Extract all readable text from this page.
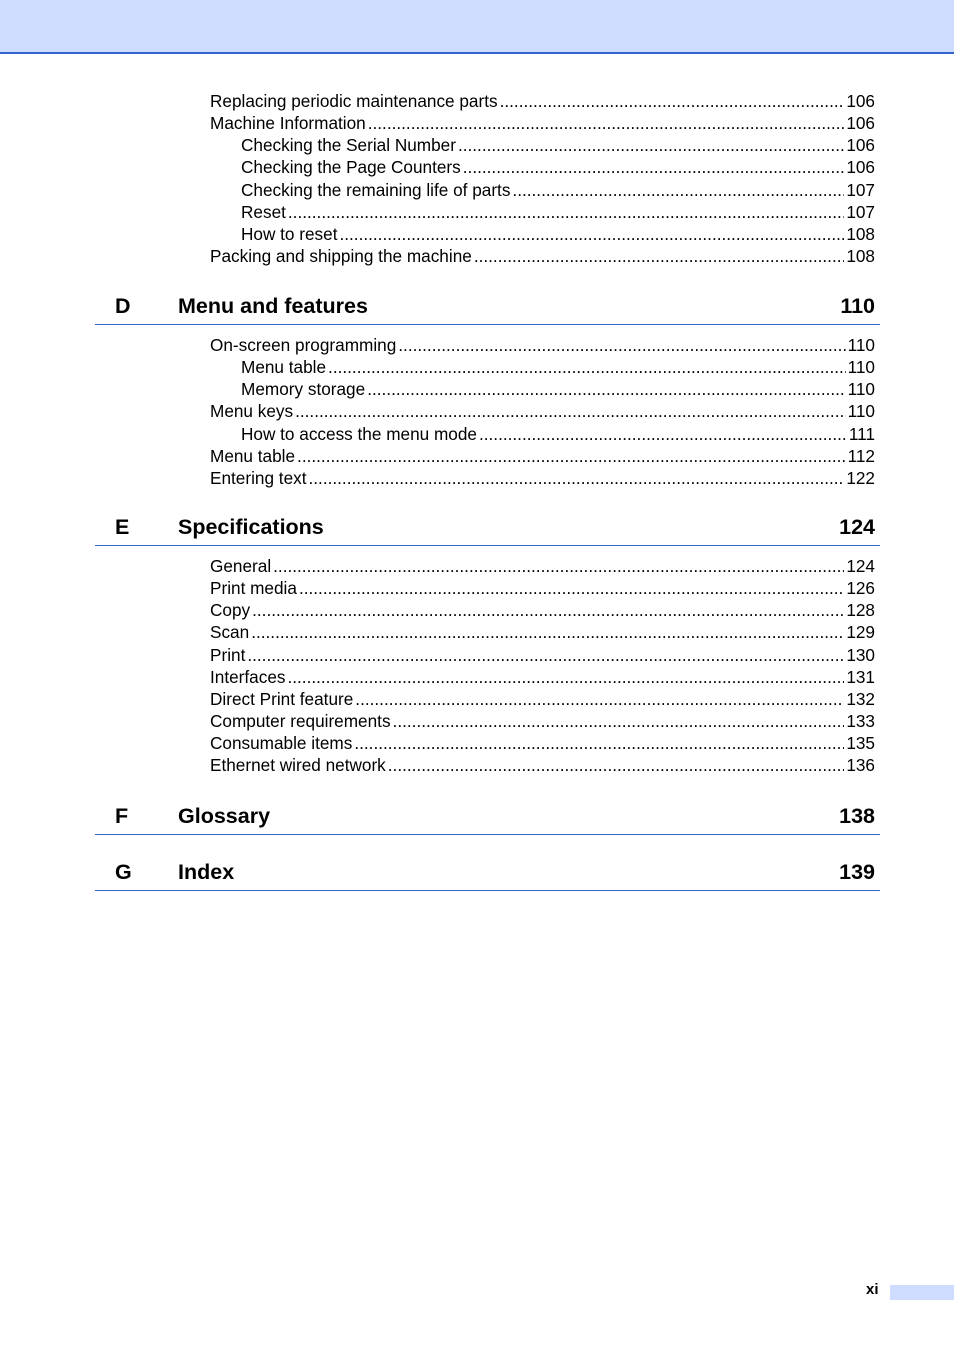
Replacing periodic maintenance parts .....	106
Machine Information .....	106
Checking the Serial Number .....	106
Checking the Page Counters .....	106
Checking the remaining life of parts .....	107
Reset .....	107
How to reset .....	108
Packing and shipping the machine .....	108
D Menu and features	110
On-screen programming .....	110
Menu table .....	110
Memory storage .....	110
Menu keys .....	110
How to access the menu mode .....	111
Menu table .....	112
Entering text .....	122
E Specifications	124
General .....	124
Print media .....	126
Copy .....	128
Scan .....	129
Print .....	130
Interfaces .....	131
Direct Print feature .....	132
Computer requirements .....	133
Consumable items .....	135
Ethernet wired network .....	136
F Glossary	138
G Index	139
xi
